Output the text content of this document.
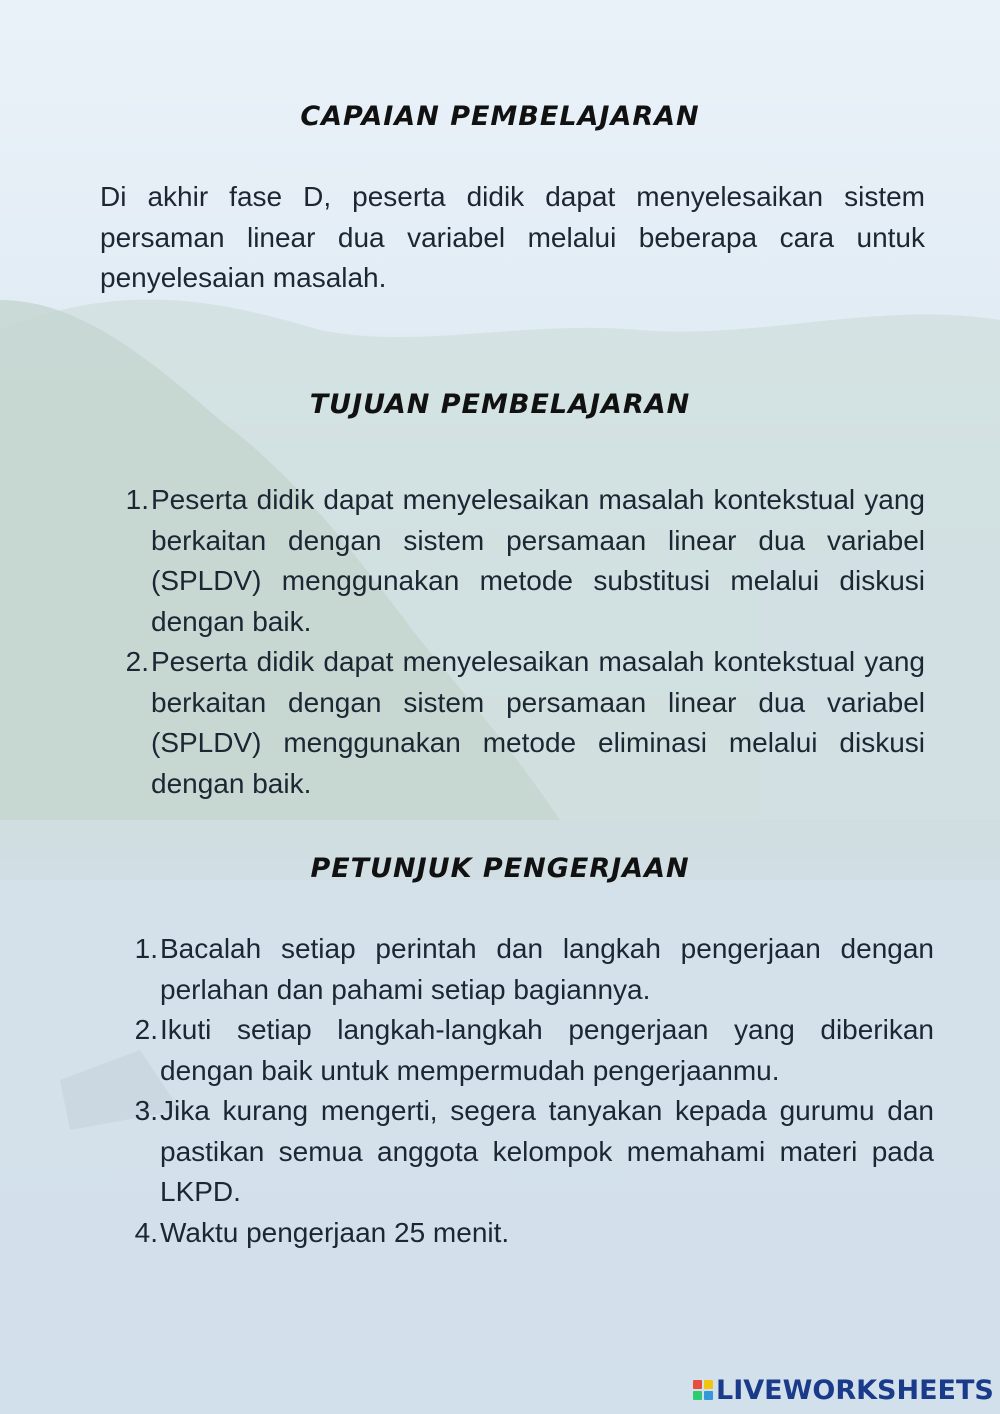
CAPAIAN PEMBELAJARAN
Di akhir fase D, peserta didik dapat menyelesaikan sistem persaman linear dua variabel melalui beberapa cara untuk penyelesaian masalah.
TUJUAN PEMBELAJARAN
1. Peserta didik dapat menyelesaikan masalah kontekstual yang berkaitan dengan sistem persamaan linear dua variabel (SPLDV) menggunakan metode substitusi melalui diskusi dengan baik.
2. Peserta didik dapat menyelesaikan masalah kontekstual yang berkaitan dengan sistem persamaan linear dua variabel (SPLDV) menggunakan metode eliminasi melalui diskusi dengan baik.
PETUNJUK PENGERJAAN
1. Bacalah setiap perintah dan langkah pengerjaan dengan perlahan dan pahami setiap bagiannya.
2. Ikuti setiap langkah-langkah pengerjaan yang diberikan dengan baik untuk mempermudah pengerjaanmu.
3. Jika kurang mengerti, segera tanyakan kepada gurumu dan pastikan semua anggota kelompok memahami materi pada LKPD.
4. Waktu pengerjaan 25 menit.
LIVEWORKSHEETS
